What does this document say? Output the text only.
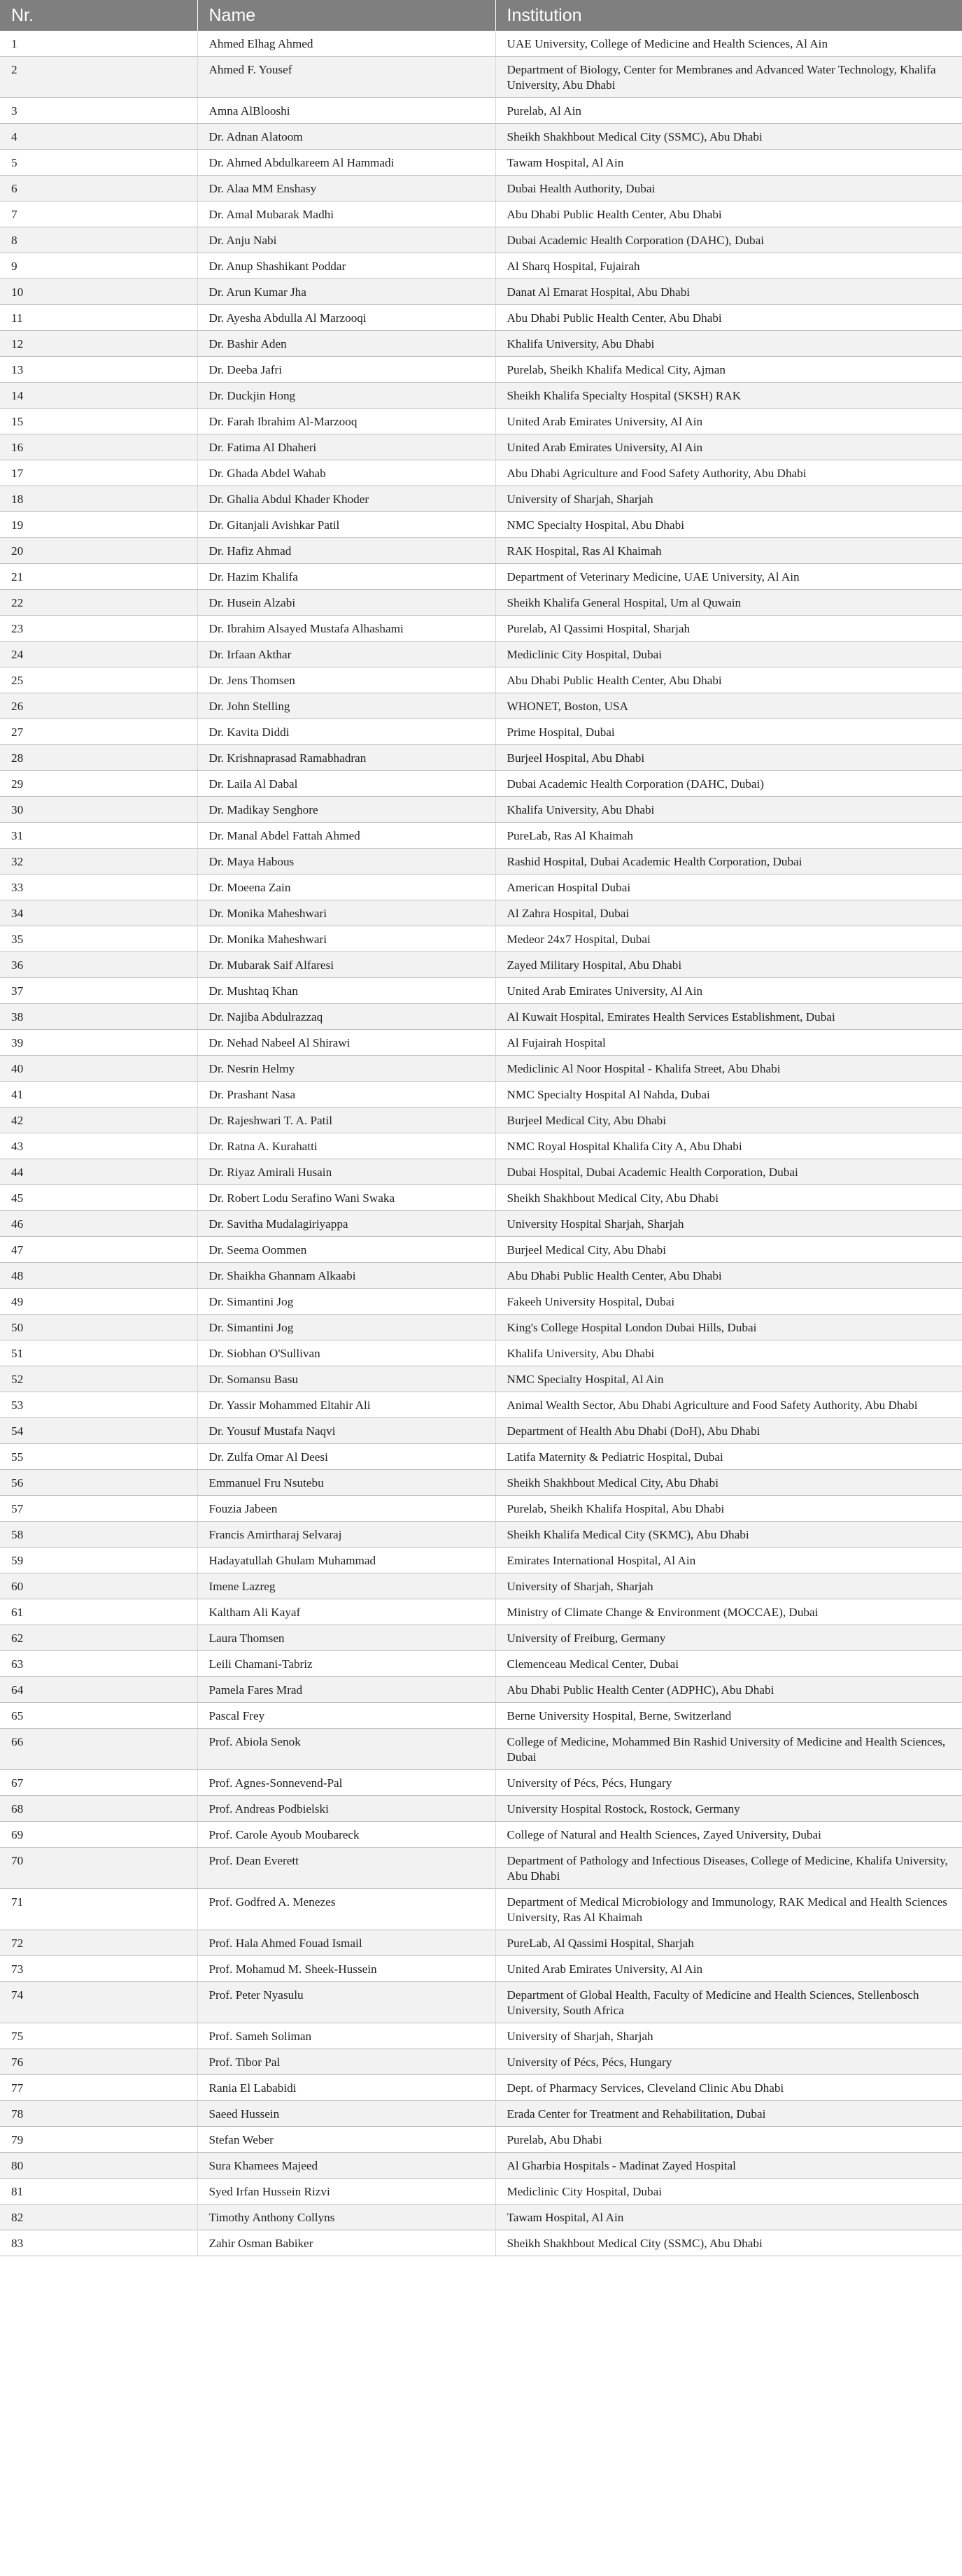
Nr.	Name	Institution
1	Ahmed Elhag Ahmed	UAE University, College of Medicine and Health Sciences, Al Ain
2	Ahmed F. Yousef	Department of Biology, Center for Membranes and Advanced Water Technology, Khalifa University, Abu Dhabi
3	Amna AlBlooshi	Purelab, Al Ain
4	Dr. Adnan Alatoom	Sheikh Shakhbout Medical City (SSMC), Abu Dhabi
5	Dr. Ahmed Abdulkareem Al Hammadi	Tawam Hospital, Al Ain
6	Dr. Alaa MM Enshasy	Dubai Health Authority, Dubai
7	Dr. Amal Mubarak Madhi	Abu Dhabi Public Health Center, Abu Dhabi
8	Dr. Anju Nabi	Dubai Academic Health Corporation (DAHC), Dubai
9	Dr. Anup Shashikant Poddar	Al Sharq Hospital, Fujairah
10	Dr. Arun Kumar Jha	Danat Al Emarat Hospital, Abu Dhabi
11	Dr. Ayesha Abdulla Al Marzooqi	Abu Dhabi Public Health Center, Abu Dhabi
12	Dr. Bashir Aden	Khalifa University, Abu Dhabi
13	Dr. Deeba Jafri	Purelab, Sheikh Khalifa Medical City, Ajman
14	Dr. Duckjin Hong	Sheikh Khalifa Specialty Hospital (SKSH) RAK
15	Dr. Farah Ibrahim Al-Marzooq	United Arab Emirates University, Al Ain
16	Dr. Fatima Al Dhaheri	United Arab Emirates University, Al Ain
17	Dr. Ghada Abdel Wahab	Abu Dhabi Agriculture and Food Safety Authority, Abu Dhabi
18	Dr. Ghalia Abdul Khader Khoder	University of Sharjah, Sharjah
19	Dr. Gitanjali Avishkar Patil	NMC Specialty Hospital, Abu Dhabi
20	Dr. Hafiz Ahmad	RAK Hospital, Ras Al Khaimah
21	Dr. Hazim Khalifa	Department of Veterinary Medicine, UAE University, Al Ain
22	Dr. Husein Alzabi	Sheikh Khalifa General Hospital, Um al Quwain
23	Dr. Ibrahim Alsayed Mustafa Alhashami	Purelab, Al Qassimi Hospital, Sharjah
24	Dr. Irfaan Akthar	Mediclinic City Hospital, Dubai
25	Dr. Jens Thomsen	Abu Dhabi Public Health Center, Abu Dhabi
26	Dr. John Stelling	WHONET, Boston, USA
27	Dr. Kavita Diddi	Prime Hospital, Dubai
28	Dr. Krishnaprasad Ramabhadran	Burjeel Hospital, Abu Dhabi
29	Dr. Laila Al Dabal	Dubai Academic Health Corporation (DAHC, Dubai)
30	Dr. Madikay Senghore	Khalifa University, Abu Dhabi
31	Dr. Manal Abdel Fattah Ahmed	PureLab, Ras Al Khaimah
32	Dr. Maya Habous	Rashid Hospital, Dubai Academic Health Corporation, Dubai
33	Dr. Moeena Zain	American Hospital Dubai
34	Dr. Monika Maheshwari	Al Zahra Hospital, Dubai
35	Dr. Monika Maheshwari	Medeor 24x7 Hospital, Dubai
36	Dr. Mubarak Saif Alfaresi	Zayed Military Hospital, Abu Dhabi
37	Dr. Mushtaq Khan	United Arab Emirates University, Al Ain
38	Dr. Najiba Abdulrazzaq	Al Kuwait Hospital, Emirates Health Services Establishment, Dubai
39	Dr. Nehad Nabeel Al Shirawi	Al Fujairah Hospital
40	Dr. Nesrin Helmy	Mediclinic Al Noor Hospital - Khalifa Street, Abu Dhabi
41	Dr. Prashant Nasa	NMC Specialty Hospital Al Nahda, Dubai
42	Dr. Rajeshwari T. A. Patil	Burjeel Medical City, Abu Dhabi
43	Dr. Ratna A. Kurahatti	NMC Royal Hospital Khalifa City A, Abu Dhabi
44	Dr. Riyaz Amirali Husain	Dubai Hospital, Dubai Academic Health Corporation, Dubai
45	Dr. Robert Lodu Serafino Wani Swaka	Sheikh Shakhbout Medical City, Abu Dhabi
46	Dr. Savitha Mudalagiriyappa	University Hospital Sharjah, Sharjah
47	Dr. Seema Oommen	Burjeel Medical City, Abu Dhabi
48	Dr. Shaikha Ghannam Alkaabi	Abu Dhabi Public Health Center, Abu Dhabi
49	Dr. Simantini Jog	Fakeeh University Hospital, Dubai
50	Dr. Simantini Jog	King's College Hospital London Dubai Hills, Dubai
51	Dr. Siobhan O'Sullivan	Khalifa University, Abu Dhabi
52	Dr. Somansu Basu	NMC Specialty Hospital, Al Ain
53	Dr. Yassir Mohammed Eltahir Ali	Animal Wealth Sector, Abu Dhabi Agriculture and Food Safety Authority, Abu Dhabi
54	Dr. Yousuf Mustafa Naqvi	Department of Health Abu Dhabi (DoH), Abu Dhabi
55	Dr. Zulfa Omar Al Deesi	Latifa Maternity & Pediatric Hospital, Dubai
56	Emmanuel Fru Nsutebu	Sheikh Shakhbout Medical City, Abu Dhabi
57	Fouzia Jabeen	Purelab, Sheikh Khalifa Hospital, Abu Dhabi
58	Francis Amirtharaj Selvaraj	Sheikh Khalifa Medical City (SKMC), Abu Dhabi
59	Hadayatullah Ghulam Muhammad	Emirates International Hospital, Al Ain
60	Imene Lazreg	University of Sharjah, Sharjah
61	Kaltham Ali Kayaf	Ministry of Climate Change & Environment (MOCCAE), Dubai
62	Laura Thomsen	University of Freiburg, Germany
63	Leili Chamani-Tabriz	Clemenceau Medical Center, Dubai
64	Pamela Fares Mrad	Abu Dhabi Public Health Center (ADPHC), Abu Dhabi
65	Pascal Frey	Berne University Hospital, Berne, Switzerland
66	Prof. Abiola Senok	College of Medicine, Mohammed Bin Rashid University of Medicine and Health Sciences, Dubai
67	Prof. Agnes-Sonnevend-Pal	University of Pécs, Pécs, Hungary
68	Prof. Andreas Podbielski	University Hospital Rostock, Rostock, Germany
69	Prof. Carole Ayoub Moubareck	College of Natural and Health Sciences, Zayed University, Dubai
70	Prof. Dean Everett	Department of Pathology and Infectious Diseases, College of Medicine, Khalifa University, Abu Dhabi
71	Prof. Godfred A. Menezes	Department of Medical Microbiology and Immunology, RAK Medical and Health Sciences University, Ras Al Khaimah
72	Prof. Hala Ahmed Fouad Ismail	PureLab, Al Qassimi Hospital, Sharjah
73	Prof. Mohamud M. Sheek-Hussein	United Arab Emirates University, Al Ain
74	Prof. Peter Nyasulu	Department of Global Health, Faculty of Medicine and Health Sciences, Stellenbosch University, South Africa
75	Prof. Sameh Soliman	University of Sharjah, Sharjah
76	Prof. Tibor Pal	University of Pécs, Pécs, Hungary
77	Rania El Lababidi	Dept. of Pharmacy Services, Cleveland Clinic Abu Dhabi
78	Saeed Hussein	Erada Center for Treatment and Rehabilitation, Dubai
79	Stefan Weber	Purelab, Abu Dhabi
80	Sura Khamees Majeed	Al Gharbia Hospitals - Madinat Zayed Hospital
81	Syed Irfan Hussein Rizvi	Mediclinic City Hospital, Dubai
82	Timothy Anthony Collyns	Tawam Hospital, Al Ain
83	Zahir Osman Babiker	Sheikh Shakhbout Medical City (SSMC), Abu Dhabi
